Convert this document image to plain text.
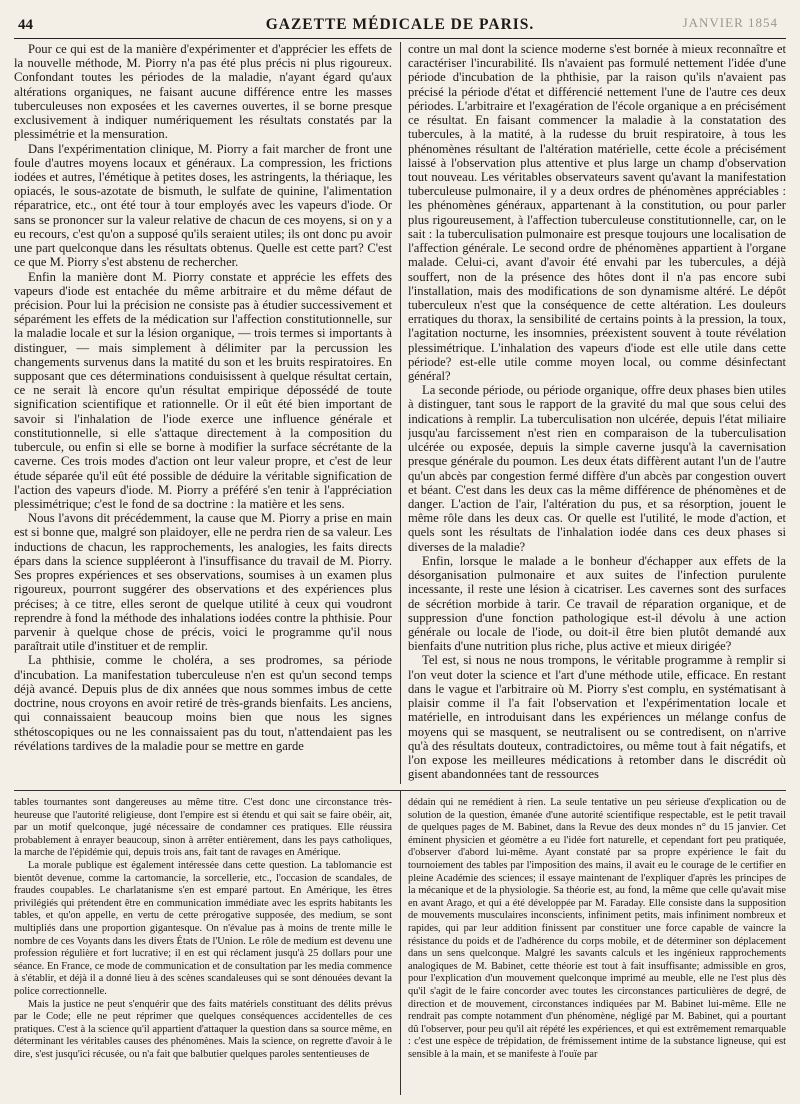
44	GAZETTE MÉDICALE DE PARIS.	JANVIER 1854

Pour ce qui est de la manière d'expérimenter et d'apprécier les effets de la nouvelle méthode, M. Piorry n'a pas été plus précis ni plus rigoureux. Confondant toutes les périodes de la maladie, n'ayant égard qu'aux altérations organiques, ne faisant aucune différence entre les masses tuberculeuses non exposées et les cavernes ouvertes, il se borne presque exclusivement à indiquer numériquement les résultats constatés par la plessimétrie et la mensuration.

Dans l'expérimentation clinique, M. Piorry a fait marcher de front une foule d'autres moyens locaux et généraux. La compression, les frictions iodées et autres, l'émétique à petites doses, les astringents, la thériaque, les opiacés, le sous-azotate de bismuth, le sulfate de quinine, l'alimentation réparatrice, etc., ont été tour à tour employés avec les vapeurs d'iode. Or sans se prononcer sur la valeur relative de chacun de ces moyens, si on y a eu recours, c'est qu'on a supposé qu'ils seraient utiles; ils ont donc pu avoir une part quelconque dans les résultats obtenus. Quelle est cette part? C'est ce que M. Piorry s'est abstenu de rechercher.

Enfin la manière dont M. Piorry constate et apprécie les effets des vapeurs d'iode est entachée du même arbitraire et du même défaut de précision. Pour lui la précision ne consiste pas à étudier successivement et séparément les effets de la médication sur l'affection constitutionnelle, sur la maladie locale et sur la lésion organique, — trois termes si importants à distinguer, — mais simplement à délimiter par la percussion les changements survenus dans la matité du son et les bruits respiratoires. En supposant que ces déterminations conduisissent à quelque résultat certain, ce ne serait là encore qu'un résultat empirique dépossédé de toute signification scientifique et rationnelle. Or il eût été bien important de savoir si l'inhalation de l'iode exerce une influence générale et constitutionnelle, si elle s'attaque directement à la composition du tubercule, ou enfin si elle se borne à modifier la surface sécrétante de la caverne. Ces trois modes d'action ont leur valeur propre, et c'est de leur étude séparée qu'il eût été possible de déduire la véritable signification de l'action des vapeurs d'iode. M. Piorry a préféré s'en tenir à l'appréciation plessimétrique; c'est le fond de sa doctrine : la matière et les sens.

Nous l'avons dit précédemment, la cause que M. Piorry a prise en main est si bonne que, malgré son plaidoyer, elle ne perdra rien de sa valeur. Les inductions de chacun, les rapprochements, les analogies, les faits directs épars dans la science suppléeront à l'insuffisance du travail de M. Piorry. Ses propres expériences et ses observations, soumises à un examen plus rigoureux, pourront suggérer des observations et des expériences plus précises; à ce titre, elles seront de quelque utilité à ceux qui voudront reprendre à fond la méthode des inhalations iodées contre la phthisie. Pour parvenir à quelque chose de précis, voici le programme qu'il nous paraîtrait utile d'instituer et de remplir.

La phthisie, comme le choléra, a ses prodromes, sa période d'incubation. La manifestation tuberculeuse n'en est qu'un second temps déjà avancé. Depuis plus de dix années que nous sommes imbus de cette doctrine, nous croyons en avoir retiré de très-grands bienfaits. Les anciens, qui connaissaient beaucoup moins bien que nous les signes sthétoscopiques ou ne les connaissaient pas du tout, n'attendaient pas les révélations tardives de la maladie pour se mettre en garde

contre un mal dont la science moderne s'est bornée à mieux reconnaître et caractériser l'incurabilité. Ils n'avaient pas formulé nettement l'idée d'une période d'incubation de la phthisie, par la raison qu'ils n'avaient pas précisé la période d'état et différencié nettement l'une de l'autre ces deux périodes. L'arbitraire et l'exagération de l'école organique a en précisément ce résultat. En faisant commencer la maladie à la constatation des tubercules, à la matité, à la rudesse du bruit respiratoire, à tous les phénomènes résultant de l'altération matérielle, cette école a précisément laissé à l'observation plus attentive et plus large un champ d'observation tout nouveau. Les véritables observateurs savent qu'avant la manifestation tuberculeuse pulmonaire, il y a deux ordres de phénomènes appréciables : les phénomènes généraux, appartenant à la constitution, ou pour parler plus rigoureusement, à l'affection tuberculeuse constitutionnelle, car, on le sait : la tuberculisation pulmonaire est presque toujours une localisation de l'affection générale. Le second ordre de phénomènes appartient à l'organe malade. Celui-ci, avant d'avoir été envahi par les tubercules, a déjà souffert, non de la présence des hôtes dont il n'a pas encore subi l'installation, mais des modifications de son dynamisme altéré. Le dépôt tuberculeux n'est que la conséquence de cette altération. Les douleurs erratiques du thorax, la sensibilité de certains points à la pression, la toux, l'agitation nocturne, les insomnies, préexistent souvent à toute révélation plessimétrique. L'inhalation des vapeurs d'iode est elle utile dans cette période? est-elle utile comme moyen local, ou comme désinfectant général?

La seconde période, ou période organique, offre deux phases bien utiles à distinguer, tant sous le rapport de la gravité du mal que sous celui des indications à remplir. La tuberculisation non ulcérée, depuis l'état miliaire jusqu'au farcissement n'est rien en comparaison de la tuberculisation ulcérée ou exposée, depuis la simple caverne jusqu'à la cavernisation presque générale du poumon. Les deux états diffèrent autant l'un de l'autre qu'un abcès par congestion fermé diffère d'un abcès par congestion ouvert et béant. C'est dans les deux cas la même différence de phénomènes et de danger. L'action de l'air, l'altération du pus, et sa résorption, jouent le même rôle dans les deux cas. Or quelle est l'utilité, le mode d'action, et quels sont les résultats de l'inhalation iodée dans ces deux phases si diverses de la maladie?

Enfin, lorsque le malade a le bonheur d'échapper aux effets de la désorganisation pulmonaire et aux suites de l'infection purulente incessante, il reste une lésion à cicatriser. Les cavernes sont des surfaces de sécrétion morbide à tarir. Ce travail de réparation organique, et de suppression d'une fonction pathologique est-il dévolu à une action générale ou locale de l'iode, ou doit-il être bien plutôt demandé aux bienfaits d'une nutrition plus riche, plus active et mieux dirigée?

Tel est, si nous ne nous trompons, le véritable programme à remplir si l'on veut doter la science et l'art d'une méthode utile, efficace. En restant dans le vague et l'arbitraire où M. Piorry s'est complu, en systématisant à plaisir comme il l'a fait l'observation et l'expérimentation locale et matérielle, en introduisant dans les expériences un mélange confus de moyens qui se masquent, se neutralisent ou se contredisent, on n'arrive qu'à des résultats douteux, contradictoires, ou même tout à fait négatifs, et l'on expose les meilleures médications à retomber dans le discrédit où gisent abandonnées tant de ressources

tables tournantes sont dangereuses au même titre. C'est donc une circonstance très-heureuse que l'autorité religieuse, dont l'empire est si étendu et qui sait se faire obéir, ait, par un motif quelconque, jugé nécessaire de condamner ces pratiques. Elle réussira probablement à enrayer beaucoup, sinon à arrêter entièrement, dans les pays catholiques, la marche de l'épidémie qui, depuis trois ans, fait tant de ravages en Amérique.

La morale publique est également intéressée dans cette question. La tablomancie est bientôt devenue, comme la cartomancie, la sorcellerie, etc., l'occasion de scandales, de fraudes coupables. Le charlatanisme s'en est emparé partout. En Amérique, les êtres privilégiés qui prétendent être en communication immédiate avec les esprits habitants les tables, et qu'on appelle, en vertu de cette prérogative supposée, des medium, se sont multipliés dans une proportion gigantesque. On n'évalue pas à moins de trente mille le nombre de ces Voyants dans les divers États de l'Union. Le rôle de medium est devenu une profession régulière et fort lucrative; il en est qui réclament jusqu'à 25 dollars pour une séance. En France, ce mode de communication et de consultation par les media commence à s'établir, et déjà il a donné lieu à des scènes scandaleuses qui se sont dénouées devant la police correctionnelle.

Mais la justice ne peut s'enquérir que des faits matériels constituant des délits prévus par le Code; elle ne peut réprimer que quelques conséquences accidentelles de ces pratiques. C'est à la science qu'il appartient d'attaquer la question dans sa source même, en déterminant les véritables causes des phénomènes. Mais la science, on regrette d'avoir à le dire, s'est jusqu'ici récusée, ou n'a fait que balbutier quelques paroles sententieuses de

dédain qui ne remédient à rien. La seule tentative un peu sérieuse d'explication ou de solution de la question, émanée d'une autorité scientifique respectable, est le petit travail de quelques pages de M. Babinet, dans la Revue des deux mondes n° du 15 janvier. Cet éminent physicien et géomètre a eu l'idée fort naturelle, et cependant fort peu pratiquée, d'observer d'abord lui-même. Ayant constaté par sa propre expérience le fait du tournoiement des tables par l'imposition des mains, il avait eu le courage de le certifier en pleine Académie des sciences; il essaye maintenant de l'expliquer d'après les principes de la mécanique et de la physiologie. Sa théorie est, au fond, la même que celle qu'avait mise en avant Arago, et qui a été développée par M. Faraday. Elle consiste dans la supposition de mouvements musculaires inconscients, infiniment petits, mais infiniment nombreux et rapides, qui par leur addition finissent par constituer une force capable de vaincre la résistance du poids et de l'adhérence du corps mobile, et de déterminer son déplacement dans un sens quelconque. Malgré les savants calculs et les ingénieux rapprochements analogiques de M. Babinet, cette théorie est tout à fait insuffisante; admissible en gros, pour l'explication d'un mouvement quelconque imprimé au meuble, elle ne l'est plus dès qu'il s'agit de le faire concorder avec toutes les circonstances particulières de degré, de direction et de mouvement, circonstances indiquées par M. Babinet lui-même. Elle ne rendrait pas compte notamment d'un phénomène, négligé par M. Babinet, qui a pourtant dû l'observer, pour peu qu'il ait répété les expériences, et qui est extrêmement remarquable : c'est une espèce de trépidation, de frémissement intime de la substance ligneuse, qui est sensible à la main, et se manifeste à l'ouïe par
